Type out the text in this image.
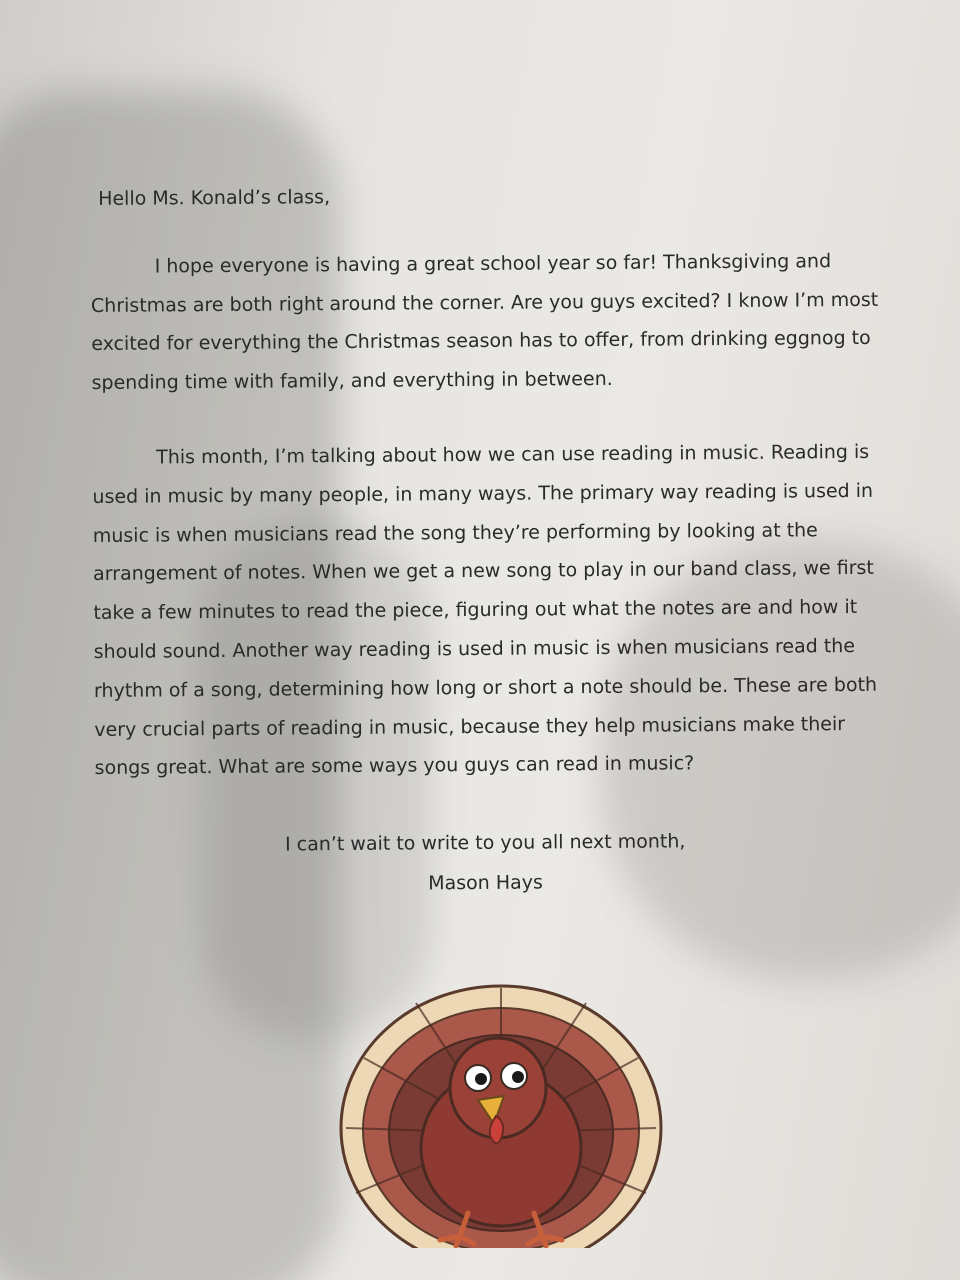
Hello Ms. Konald’s class,
I hope everyone is having a great school year so far! Thanksgiving and Christmas are both right around the corner. Are you guys excited? I know I’m most excited for everything the Christmas season has to offer, from drinking eggnog to spending time with family, and everything in between.
This month, I’m talking about how we can use reading in music. Reading is used in music by many people, in many ways. The primary way reading is used in music is when musicians read the song they’re performing by looking at the arrangement of notes. When we get a new song to play in our band class, we first take a few minutes to read the piece, figuring out what the notes are and how it should sound. Another way reading is used in music is when musicians read the rhythm of a song, determining how long or short a note should be. These are both very crucial parts of reading in music, because they help musicians make their songs great. What are some ways you guys can read in music?
I can’t wait to write to you all next month,
Mason Hays
